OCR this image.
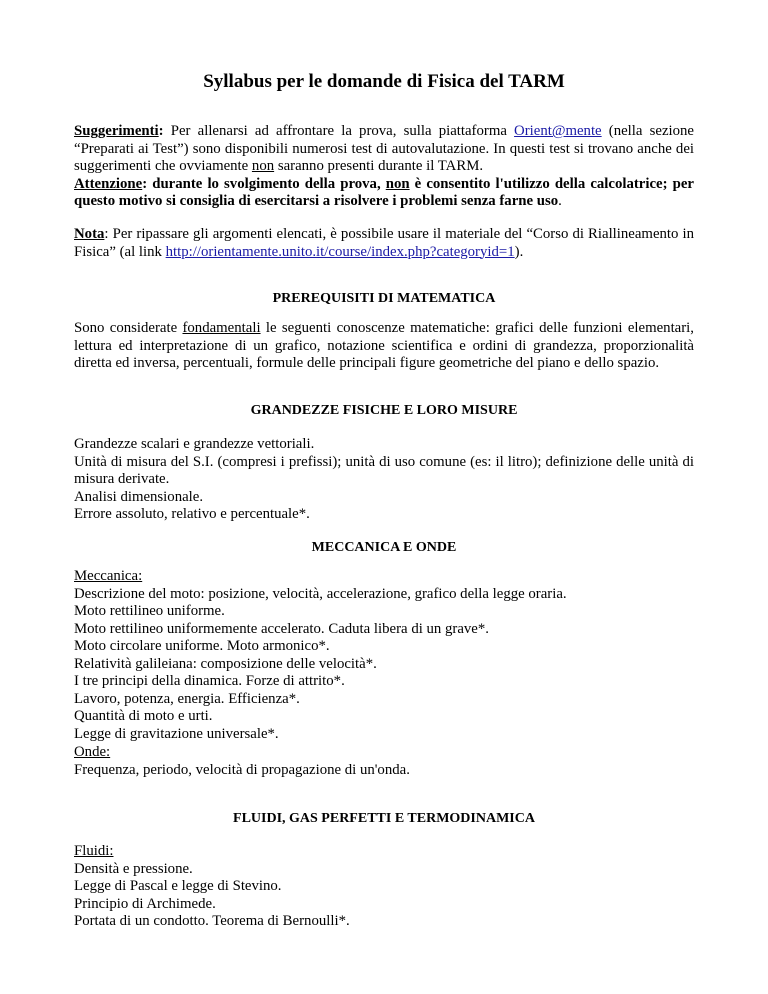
Syllabus per le domande di Fisica del TARM
Suggerimenti: Per allenarsi ad affrontare la prova, sulla piattaforma Orient@mente (nella sezione “Preparati ai Test”) sono disponibili numerosi test di autovalutazione. In questi test si trovano anche dei suggerimenti che ovviamente non saranno presenti durante il TARM.
Attenzione: durante lo svolgimento della prova, non è consentito l'utilizzo della calcolatrice; per questo motivo si consiglia di esercitarsi a risolvere i problemi senza farne uso.
Nota: Per ripassare gli argomenti elencati, è possibile usare il materiale del “Corso di Riallineamento in Fisica” (al link http://orientamente.unito.it/course/index.php?categoryid=1).
PREREQUISITI DI MATEMATICA
Sono considerate fondamentali le seguenti conoscenze matematiche: grafici delle funzioni elementari, lettura ed interpretazione di un grafico, notazione scientifica e ordini di grandezza, proporzionalità diretta ed inversa, percentuali, formule delle principali figure geometriche del piano e dello spazio.
GRANDEZZE FISICHE E LORO MISURE
Grandezze scalari e grandezze vettoriali.
Unità di misura del S.I. (compresi i prefissi); unità di uso comune (es: il litro); definizione delle unità di misura derivate.
Analisi dimensionale.
Errore assoluto, relativo e percentuale*.
MECCANICA E ONDE
Meccanica:
Descrizione del moto: posizione, velocità, accelerazione, grafico della legge oraria.
Moto rettilineo uniforme.
Moto rettilineo uniformemente accelerato. Caduta libera di un grave*.
Moto circolare uniforme. Moto armonico*.
Relatività galileiana: composizione delle velocità*.
I tre principi della dinamica. Forze di attrito*.
Lavoro, potenza, energia. Efficienza*.
Quantità di moto e urti.
Legge di gravitazione universale*.
Onde:
Frequenza, periodo, velocità di propagazione di un'onda.
FLUIDI, GAS PERFETTI E TERMODINAMICA
Fluidi:
Densità e pressione.
Legge di Pascal e legge di Stevino.
Principio di Archimede.
Portata di un condotto. Teorema di Bernoulli*.
